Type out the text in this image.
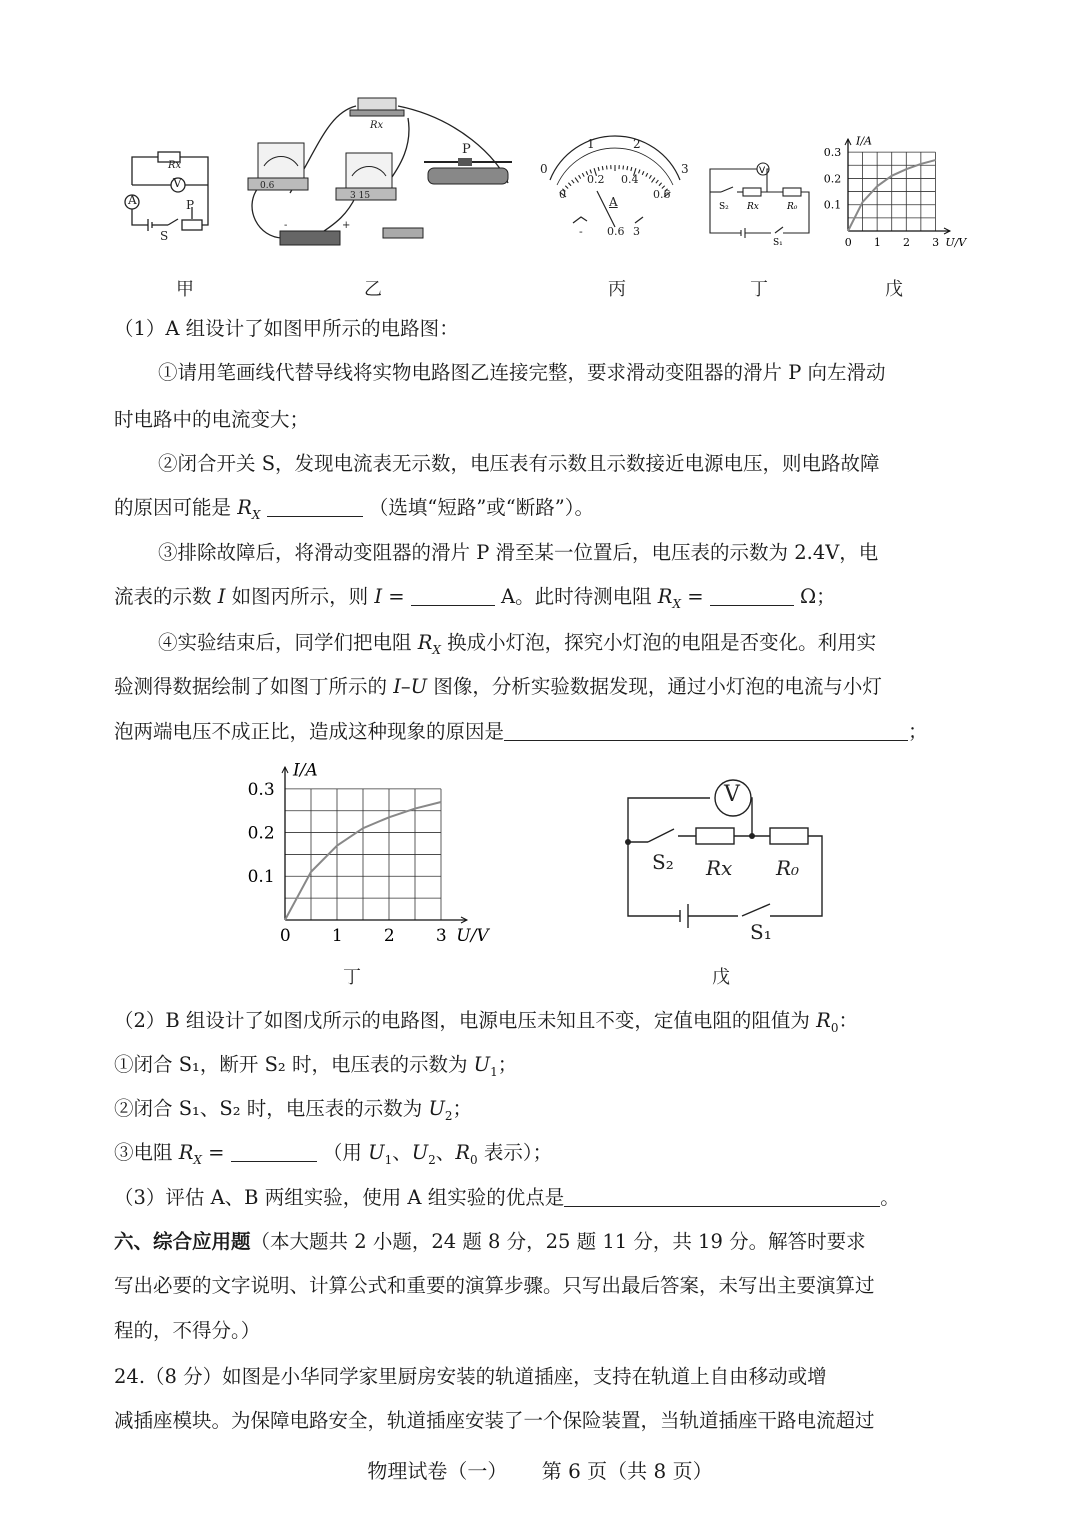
Rx
A
V
P
S
甲
Rx
P
0.6
3 15
-	+
乙
0
1	2
3
0
0.2 0.4
0.6
A
- 0.6 3
丙
V
S₂ Rx	R₀
S₁
丁
0 1 2 3
0.1
0.2
0.3
U/V
I/A
戊
（1）A 组设计了如图甲所示的电路图：
①请用笔画线代替导线将实物电路图乙连接完整，要求滑动变阻器的滑片 P 向左滑动
时电路中的电流变大；
②闭合开关 S，发现电流表无示数，电压表有示数且示数接近电源电压，则电路故障
的原因可能是 $R_X$	（选填“短路”或“断路”）。
③排除故障后，将滑动变阻器的滑片 P 滑至某一位置后，电压表的示数为 2.4V，电
流表的示数 I 如图丙所示，则 I =	A。此时待测电阻 $R_X$ =	Ω；
④实验结束后，同学们把电阻 $R_X$ 换成小灯泡，探究小灯泡的电阻是否变化。利用实
验测得数据绘制了如图丁所示的 I–U 图像，分析实验数据发现，通过小灯泡的电流与小灯
泡两端电压不成正比，造成这种现象的原因是	；
0 1 2 3
0.1
0.2
0.3
U/V
I/A
丁
V
S₂ Rx R₀
S₁
戊
（2）B 组设计了如图戊所示的电路图，电源电压未知且不变，定值电阻的阻值为 $R_0$：
①闭合 S₁，断开 S₂ 时，电压表的示数为 $U_1$；
②闭合 S₁、S₂ 时，电压表的示数为 $U_2$；
③电阻 $R_X$ =	（用 $U_1$、$U_2$、$R_0$ 表示）；
（3）评估 A、B 两组实验，使用 A 组实验的优点是	。
六、综合应用题（本大题共 2 小题，24 题 8 分，25 题 11 分，共 19 分。解答时要求
写出必要的文字说明、计算公式和重要的演算步骤。只写出最后答案，未写出主要演算过
程的，不得分。）
24.（8 分）如图是小华同学家里厨房安装的轨道插座，支持在轨道上自由移动或增
减插座模块。为保障电路安全，轨道插座安装了一个保险装置，当轨道插座干路电流超过
物理试卷（一） 第 6 页（共 8 页）
